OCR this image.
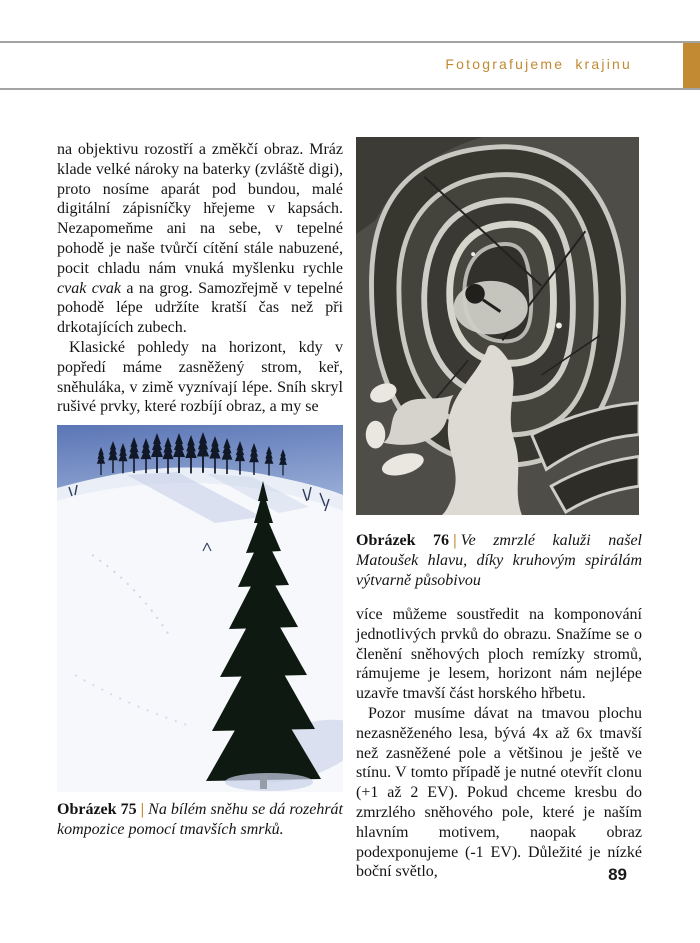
Fotografujeme krajinu

na objektivu rozostří a změkčí obraz. Mráz klade velké nároky na baterky (zvláště digi), proto nosíme aparát pod bundou, malé digitální zápisníčky hřejeme v kapsách. Nezapomeňme ani na sebe, v tepelné pohodě je naše tvůrčí cítění stále nabuzené, pocit chladu nám vnuká myšlenku rychle cvak cvak a na grog. Samozřejmě v tepelné pohodě lépe udržíte kratší čas než při drkotajících zubech.

Klasické pohledy na horizont, kdy v popředí máme zasněžený strom, keř, sněhuláka, v zimě vyznívají lépe. Sníh skryl rušivé prvky, které rozbíjí obraz, a my se

Obrázek 75 | Na bílém sněhu se dá rozehrát kompozice pomocí tmavších smrků.
Obrázek 76 | Ve zmrzlé kaluži našel Matoušek hlavu, díky kruhovým spirálám výtvarně působivou

více můžeme soustředit na komponování jednotlivých prvků do obrazu. Snažíme se o členění sněhových ploch remízky stromů, rámujeme je lesem, horizont nám nejlépe uzavře tmavší část horského hřbetu.

Pozor musíme dávat na tmavou plochu nezasněženého lesa, bývá 4x až 6x tmavší než zasněžené pole a většinou je ještě ve stínu. V tomto případě je nutné otevřít clonu (+1 až 2 EV). Pokud chceme kresbu do zmrzlého sněhového pole, které je naším hlavním motivem, naopak obraz podexponujeme (-1 EV). Důležité je nízké boční světlo,	89
